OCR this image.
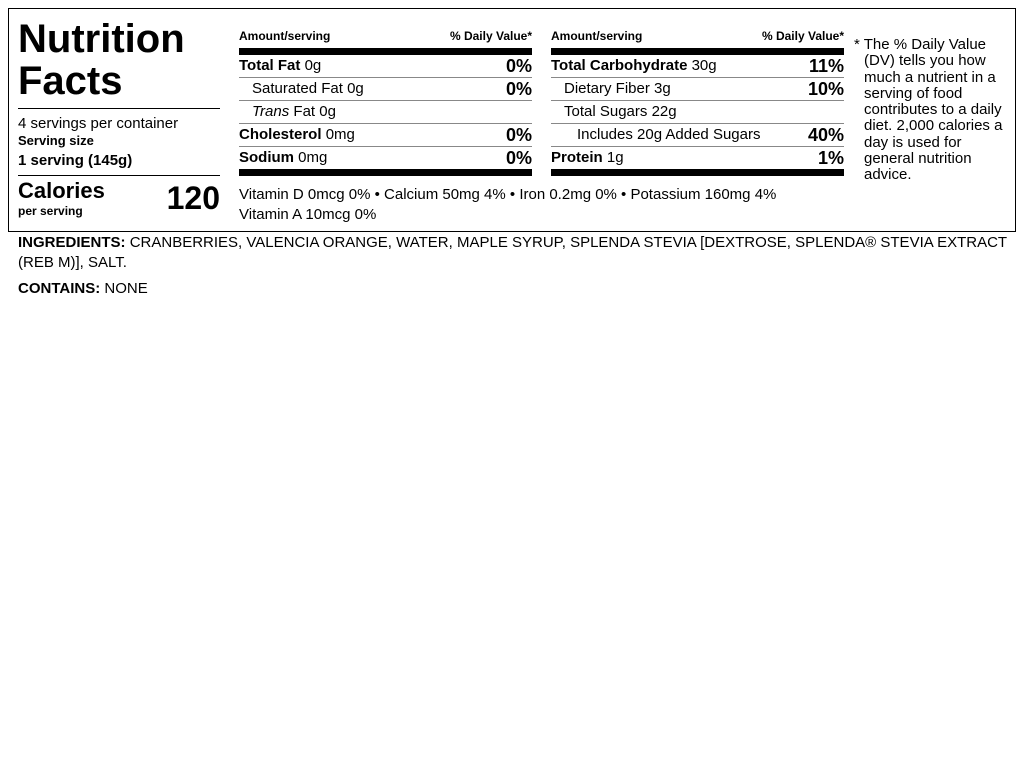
Nutrition
Facts
4 servings per container
Serving size
1 serving (145g)
Calories
per serving	120
Amount/serving	% Daily Value*
Total Fat 0g	0%
Saturated Fat 0g	0%
Trans Fat 0g
Cholesterol 0mg	0%
Sodium 0mg	0%
Amount/serving	% Daily Value*
Total Carbohydrate 30g	11%
Dietary Fiber 3g	10%
Total Sugars 22g
Includes 20g Added Sugars	40%
Protein 1g	1%
Vitamin D 0mcg 0% • Calcium 50mg 4% • Iron 0.2mg 0% • Potassium 160mg 4%
Vitamin A 10mcg 0%
* The % Daily Value (DV) tells you how much a nutrient in a serving of food contributes to a daily diet. 2,000 calories a day is used for general nutrition advice.
INGREDIENTS: CRANBERRIES, VALENCIA ORANGE, WATER, MAPLE SYRUP, SPLENDA STEVIA [DEXTROSE, SPLENDA® STEVIA EXTRACT (REB M)], SALT.
CONTAINS: NONE
